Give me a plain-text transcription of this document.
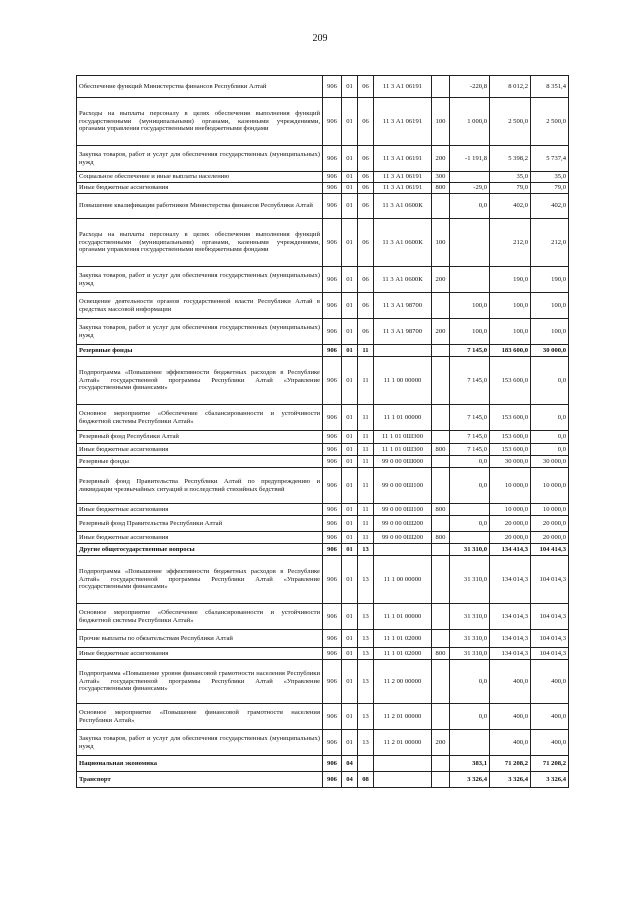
209
Обеспечение функций Министерства финансов Республики Алтай	906	01	06	11 3 А1 06191		-220,8	8 012,2	8 351,4
Расходы на выплаты персоналу в целях обеспечения выполнения функций государственными (муниципальными) органами, казенными учреждениями, органами управления государственными внебюджетными фондами	906	01	06	11 3 А1 06191	100	1 000,0	2 500,0	2 500,0
Закупка товаров, работ и услуг для обеспечения государственных (муниципальных) нужд	906	01	06	11 3 А1 06191	200	-1 191,8	5 398,2	5 737,4
Социальное обеспечение и иные выплаты населению	906	01	06	11 3 А1 06191	300		35,0	35,0
Иные бюджетные ассигнования	906	01	06	11 3 А1 06191	800	-29,0	79,0	79,0
Повышение квалификации работников Министерства финансов Республики Алтай	906	01	06	11 3 А1 0600К		0,0	402,0	402,0
Расходы на выплаты персоналу в целях обеспечения выполнения функций государственными (муниципальными) органами, казенными учреждениями, органами управления государственными внебюджетными фондами	906	01	06	11 3 А1 0600К	100		212,0	212,0
Закупка товаров, работ и услуг для обеспечения государственных (муниципальных) нужд	906	01	06	11 3 А1 0600К	200		190,0	190,0
Освещение деятельности органов государственной власти Республики Алтай в средствах массовой информации	906	01	06	11 3 А1 98700		100,0	100,0	100,0
Закупка товаров, работ и услуг для обеспечения государственных (муниципальных) нужд	906	01	06	11 3 А1 98700	200	100,0	100,0	100,0
Резервные фонды	906	01	11			7 145,0	183 600,0	30 000,0
Подпрограмма «Повышение эффективности бюджетных расходов в Республике Алтай» государственной программы Республики Алтай «Управление государственными финансами»	906	01	11	11 1 00 00000		7 145,0	153 600,0	0,0
Основное мероприятие «Обеспечение сбалансированности и устойчивости бюджетной системы Республики Алтай»	906	01	11	11 1 01 00000		7 145,0	153 600,0	0,0
Резервный фонд Республики Алтай	906	01	11	11 1 01 0Ш300		7 145,0	153 600,0	0,0
Иные бюджетные ассигнования	906	01	11	11 1 01 0Ш300	800	7 145,0	153 600,0	0,0
Резервные фонды	906	01	11	99 0 00 0Ш000		0,0	30 000,0	30 000,0
Резервный фонд Правительства Республики Алтай по предупреждению и ликвидации чрезвычайных ситуаций и последствий стихийных бедствий	906	01	11	99 0 00 0Ш100		0,0	10 000,0	10 000,0
Иные бюджетные ассигнования	906	01	11	99 0 00 0Ш100	800		10 000,0	10 000,0
Резервный фонд Правительства Республики Алтай	906	01	11	99 0 00 0Ш200		0,0	20 000,0	20 000,0
Иные бюджетные ассигнования	906	01	11	99 0 00 0Ш200	800		20 000,0	20 000,0
Другие общегосударственные вопросы	906	01	13			31 310,0	134 414,3	104 414,3
Подпрограмма «Повышение эффективности бюджетных расходов в Республике Алтай» государственной программы Республики Алтай «Управление государственными финансами»	906	01	13	11 1 00 00000		31 310,0	134 014,3	104 014,3
Основное мероприятие «Обеспечение сбалансированности и устойчивости бюджетной системы Республики Алтай»	906	01	13	11 1 01 00000		31 310,0	134 014,3	104 014,3
Прочие выплаты по обязательствам Республики Алтай	906	01	13	11 1 01 02000		31 310,0	134 014,3	104 014,3
Иные бюджетные ассигнования	906	01	13	11 1 01 02000	800	31 310,0	134 014,3	104 014,3
Подпрограмма «Повышение уровня финансовой грамотности населения Республики Алтай» государственной программы Республики Алтай «Управление государственными финансами»	906	01	13	11 2 00 00000		0,0	400,0	400,0
Основное мероприятие «Повышение финансовой грамотности населения Республики Алтай»	906	01	13	11 2 01 00000		0,0	400,0	400,0
Закупка товаров, работ и услуг для обеспечения государственных (муниципальных) нужд	906	01	13	11 2 01 00000	200		400,0	400,0
Национальная экономика	906	04				383,1	71 208,2	71 208,2
Транспорт	906	04	08			3 326,4	3 326,4	3 326,4
